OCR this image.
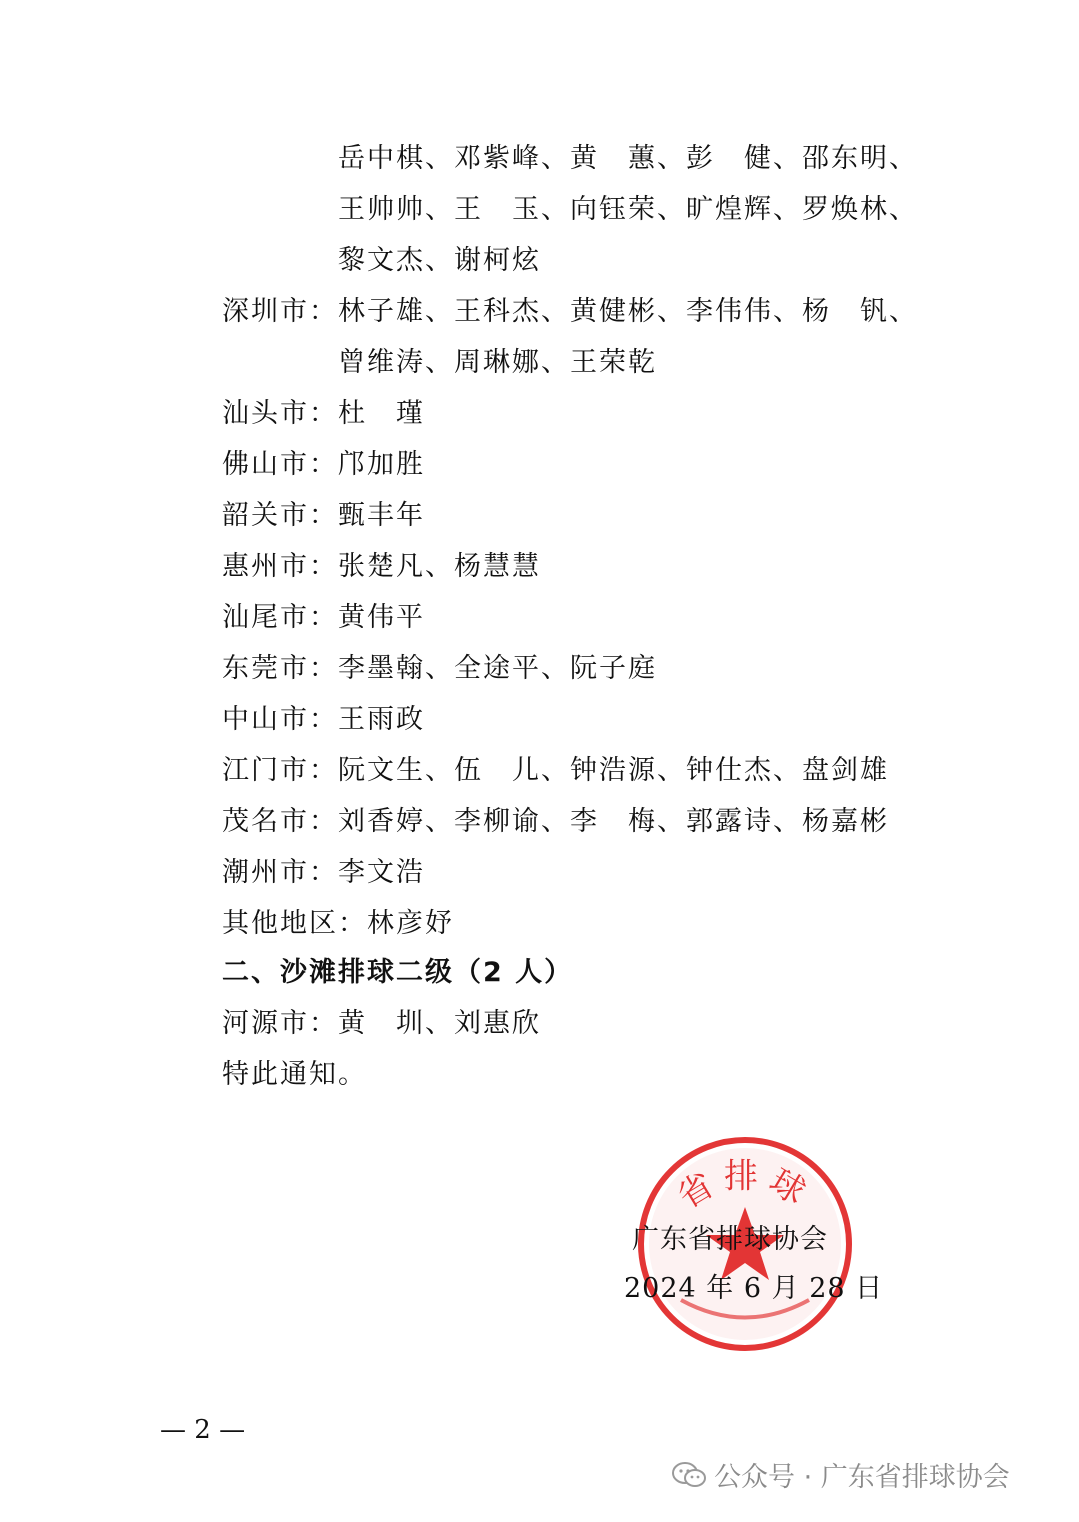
岳中棋、邓紫峰、黄　蕙、彭　健、邵东明、
王帅帅、王　玉、向钰荣、旷煌辉、罗焕林、
黎文杰、谢柯炫
深圳市：林子雄、王科杰、黄健彬、李伟伟、杨　钒、
曾维涛、周琳娜、王荣乾
汕头市：杜　瑾
佛山市：邝加胜
韶关市：甄丰年
惠州市：张楚凡、杨慧慧
汕尾市：黄伟平
东莞市：李墨翰、全途平、阮子庭
中山市：王雨政
江门市：阮文生、伍　儿、钟浩源、钟仕杰、盘剑雄
茂名市：刘香婷、李柳谕、李　梅、郭露诗、杨嘉彬
潮州市：李文浩
其他地区：林彦妤
二、沙滩排球二级（2 人）
河源市：黄　圳、刘惠欣
特此通知。
省排球
广东省排球协会
2024 年 6 月 28 日
— 2 —
公众号 · 广东省排球协会
